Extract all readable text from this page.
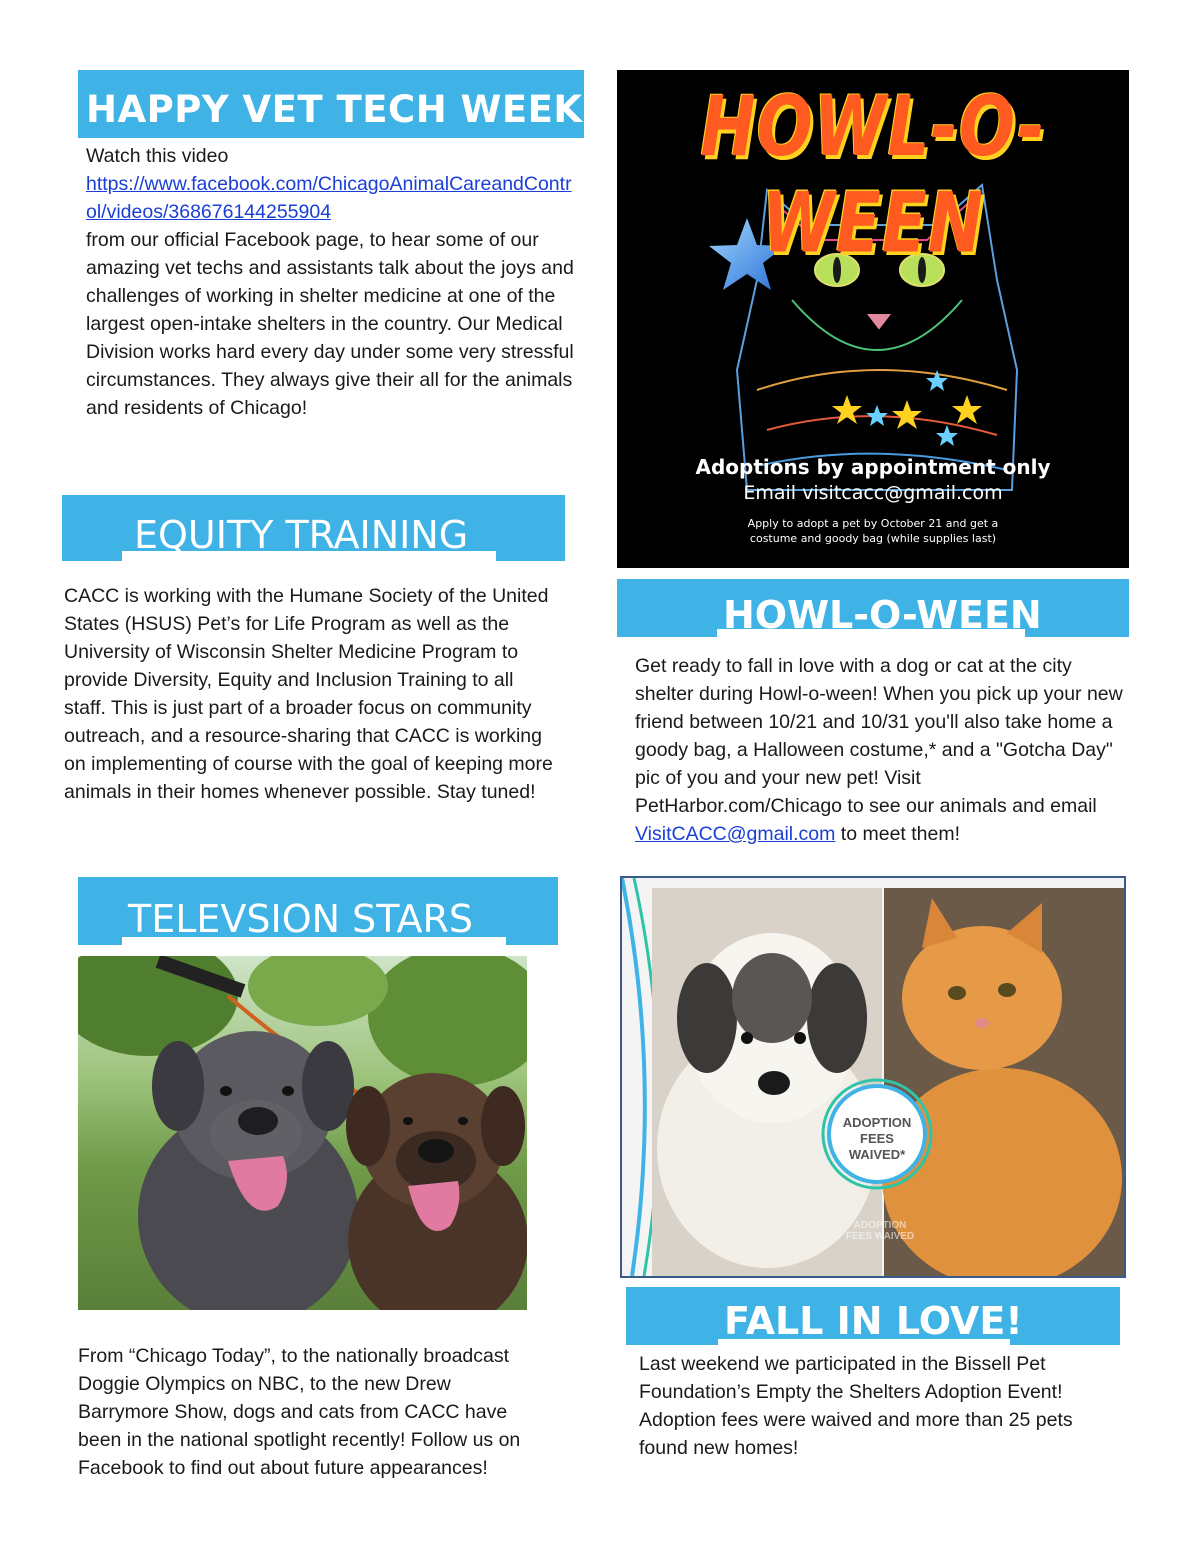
HAPPY VET TECH WEEK
Watch this video
https://www.facebook.com/ChicagoAnimalCareandControl/videos/368676144255904
from our official Facebook page, to hear some of our amazing vet techs and assistants talk about the joys and challenges of working in shelter medicine at one of the largest open-intake shelters in the country. Our Medical Division works hard every day under some very stressful circumstances. They always give their all for the animals and residents of Chicago!
HOWL-O-WEEN
Adoptions by appointment only
Email visitcacc@gmail.com
Apply to adopt a pet by October 21 and get a
costume and goody bag (while supplies last)
EQUITY TRAINING

CACC is working with the Humane Society of the United States (HSUS) Pet’s for Life Program as well as the University of Wisconsin Shelter Medicine Program to provide Diversity, Equity and Inclusion Training to all staff. This is just part of a broader focus on community outreach, and a resource-sharing that CACC is working on implementing of course with the goal of keeping more animals in their homes whenever possible. Stay tuned!

HOWL-O-WEEN

Get ready to fall in love with a dog or cat at the city shelter during Howl-o-ween! When you pick up your new friend between 10/21 and 10/31 you'll also take home a goody bag, a Halloween costume,* and a "Gotcha Day" pic of you and your new pet! Visit PetHarbor.com/Chicago to see our animals and email VisitCACC@gmail.com to meet them!

TELEVSION STARS

From “Chicago Today”, to the nationally broadcast Doggie Olympics on NBC, to the new Drew Barrymore Show, dogs and cats from CACC have been in the national spotlight recently! Follow us on Facebook to find out about future appearances!

ADOPTION
FEES
WAIVED*
ADOPTION FEES WAIVED
FALL IN LOVE!

Last weekend we participated in the Bissell Pet Foundation’s Empty the Shelters Adoption Event! Adoption fees were waived and more than 25 pets found new homes!
